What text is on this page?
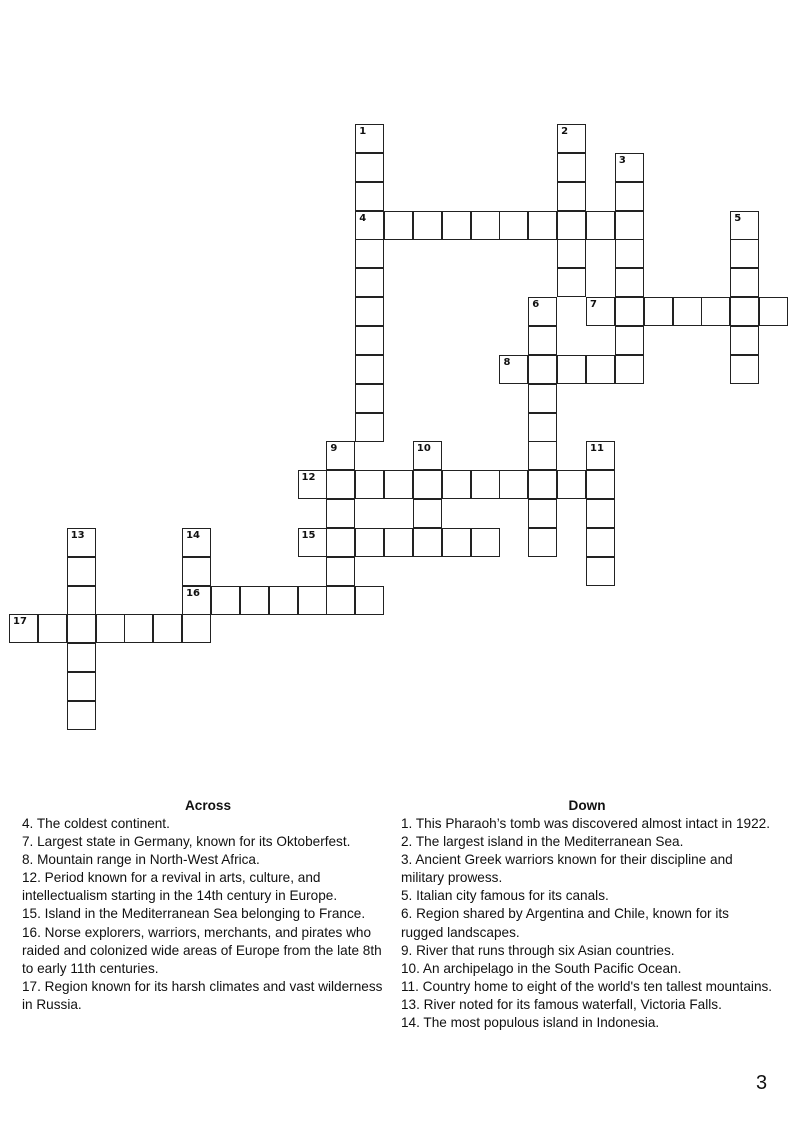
1
4
2
3
5
6	7
8
9	10	11
12
13	14
16
15
17
Across
4. The coldest continent.
7. Largest state in Germany, known for its Oktoberfest.
8. Mountain range in North-West Africa.
12. Period known for a revival in arts, culture, and intellectualism starting in the 14th century in Europe.
15. Island in the Mediterranean Sea belonging to France.
16. Norse explorers, warriors, merchants, and pirates who raided and colonized wide areas of Europe from the late 8th to early 11th centuries.
17. Region known for its harsh climates and vast wilderness in Russia.
Down
1. This Pharaoh’s tomb was discovered almost intact in 1922.
2. The largest island in the Mediterranean Sea.
3. Ancient Greek warriors known for their discipline and military prowess.
5. Italian city famous for its canals.
6. Region shared by Argentina and Chile, known for its rugged landscapes.
9. River that runs through six Asian countries.
10. An archipelago in the South Pacific Ocean.
11. Country home to eight of the world's ten tallest mountains.
13. River noted for its famous waterfall, Victoria Falls.
14. The most populous island in Indonesia.
3
